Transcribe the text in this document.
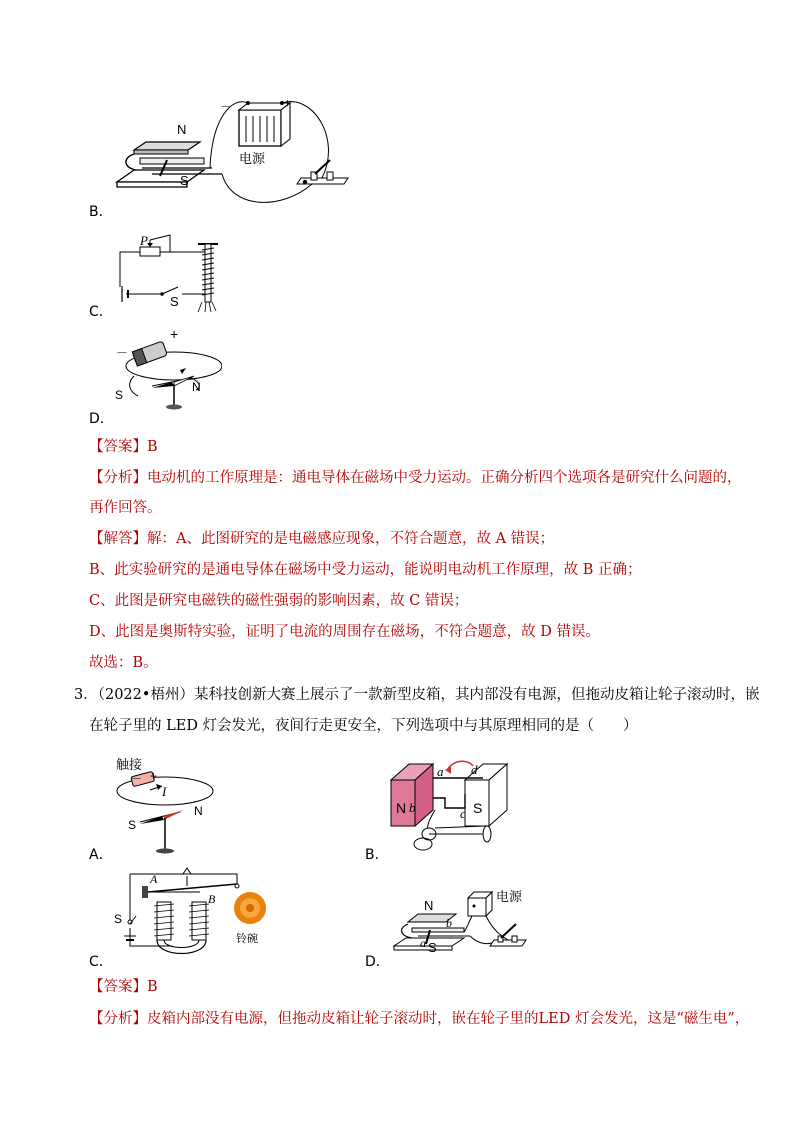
N
S
电源
－	+
B．
P
S
C．
－
+
N
S
D．
【答案】B
【分析】电动机的工作原理是：通电导体在磁场中受力运动。正确分析四个选项各是研究什么问题的，
再作回答。
【解答】解：A、此图研究的是电磁感应现象，不符合题意，故 A 错误；
B、此实验研究的是通电导体在磁场中受力运动，能说明电动机工作原理，故 B 正确；
C、此图是研究电磁铁的磁性强弱的影响因素，故 C 错误；
D、此图是奥斯特实验，证明了电流的周围存在磁场，不符合题意，故 D 错误。
故选：B。
3．（2022•梧州）某科技创新大赛上展示了一款新型皮箱，其内部没有电源，但拖动皮箱让轮子滚动时，嵌
在轮子里的 LED 灯会发光，夜间行走更安全，下列选项中与其原理相同的是（　　）
触接
－ +
I
N
S
A．
a d
N b	c S
B．
A
B
S
铃碗
C．
N
b
a S
电源
D．
【答案】B
【分析】皮箱内部没有电源，但拖动皮箱让轮子滚动时，嵌在轮子里的LED 灯会发光，这是“磁生电”，
